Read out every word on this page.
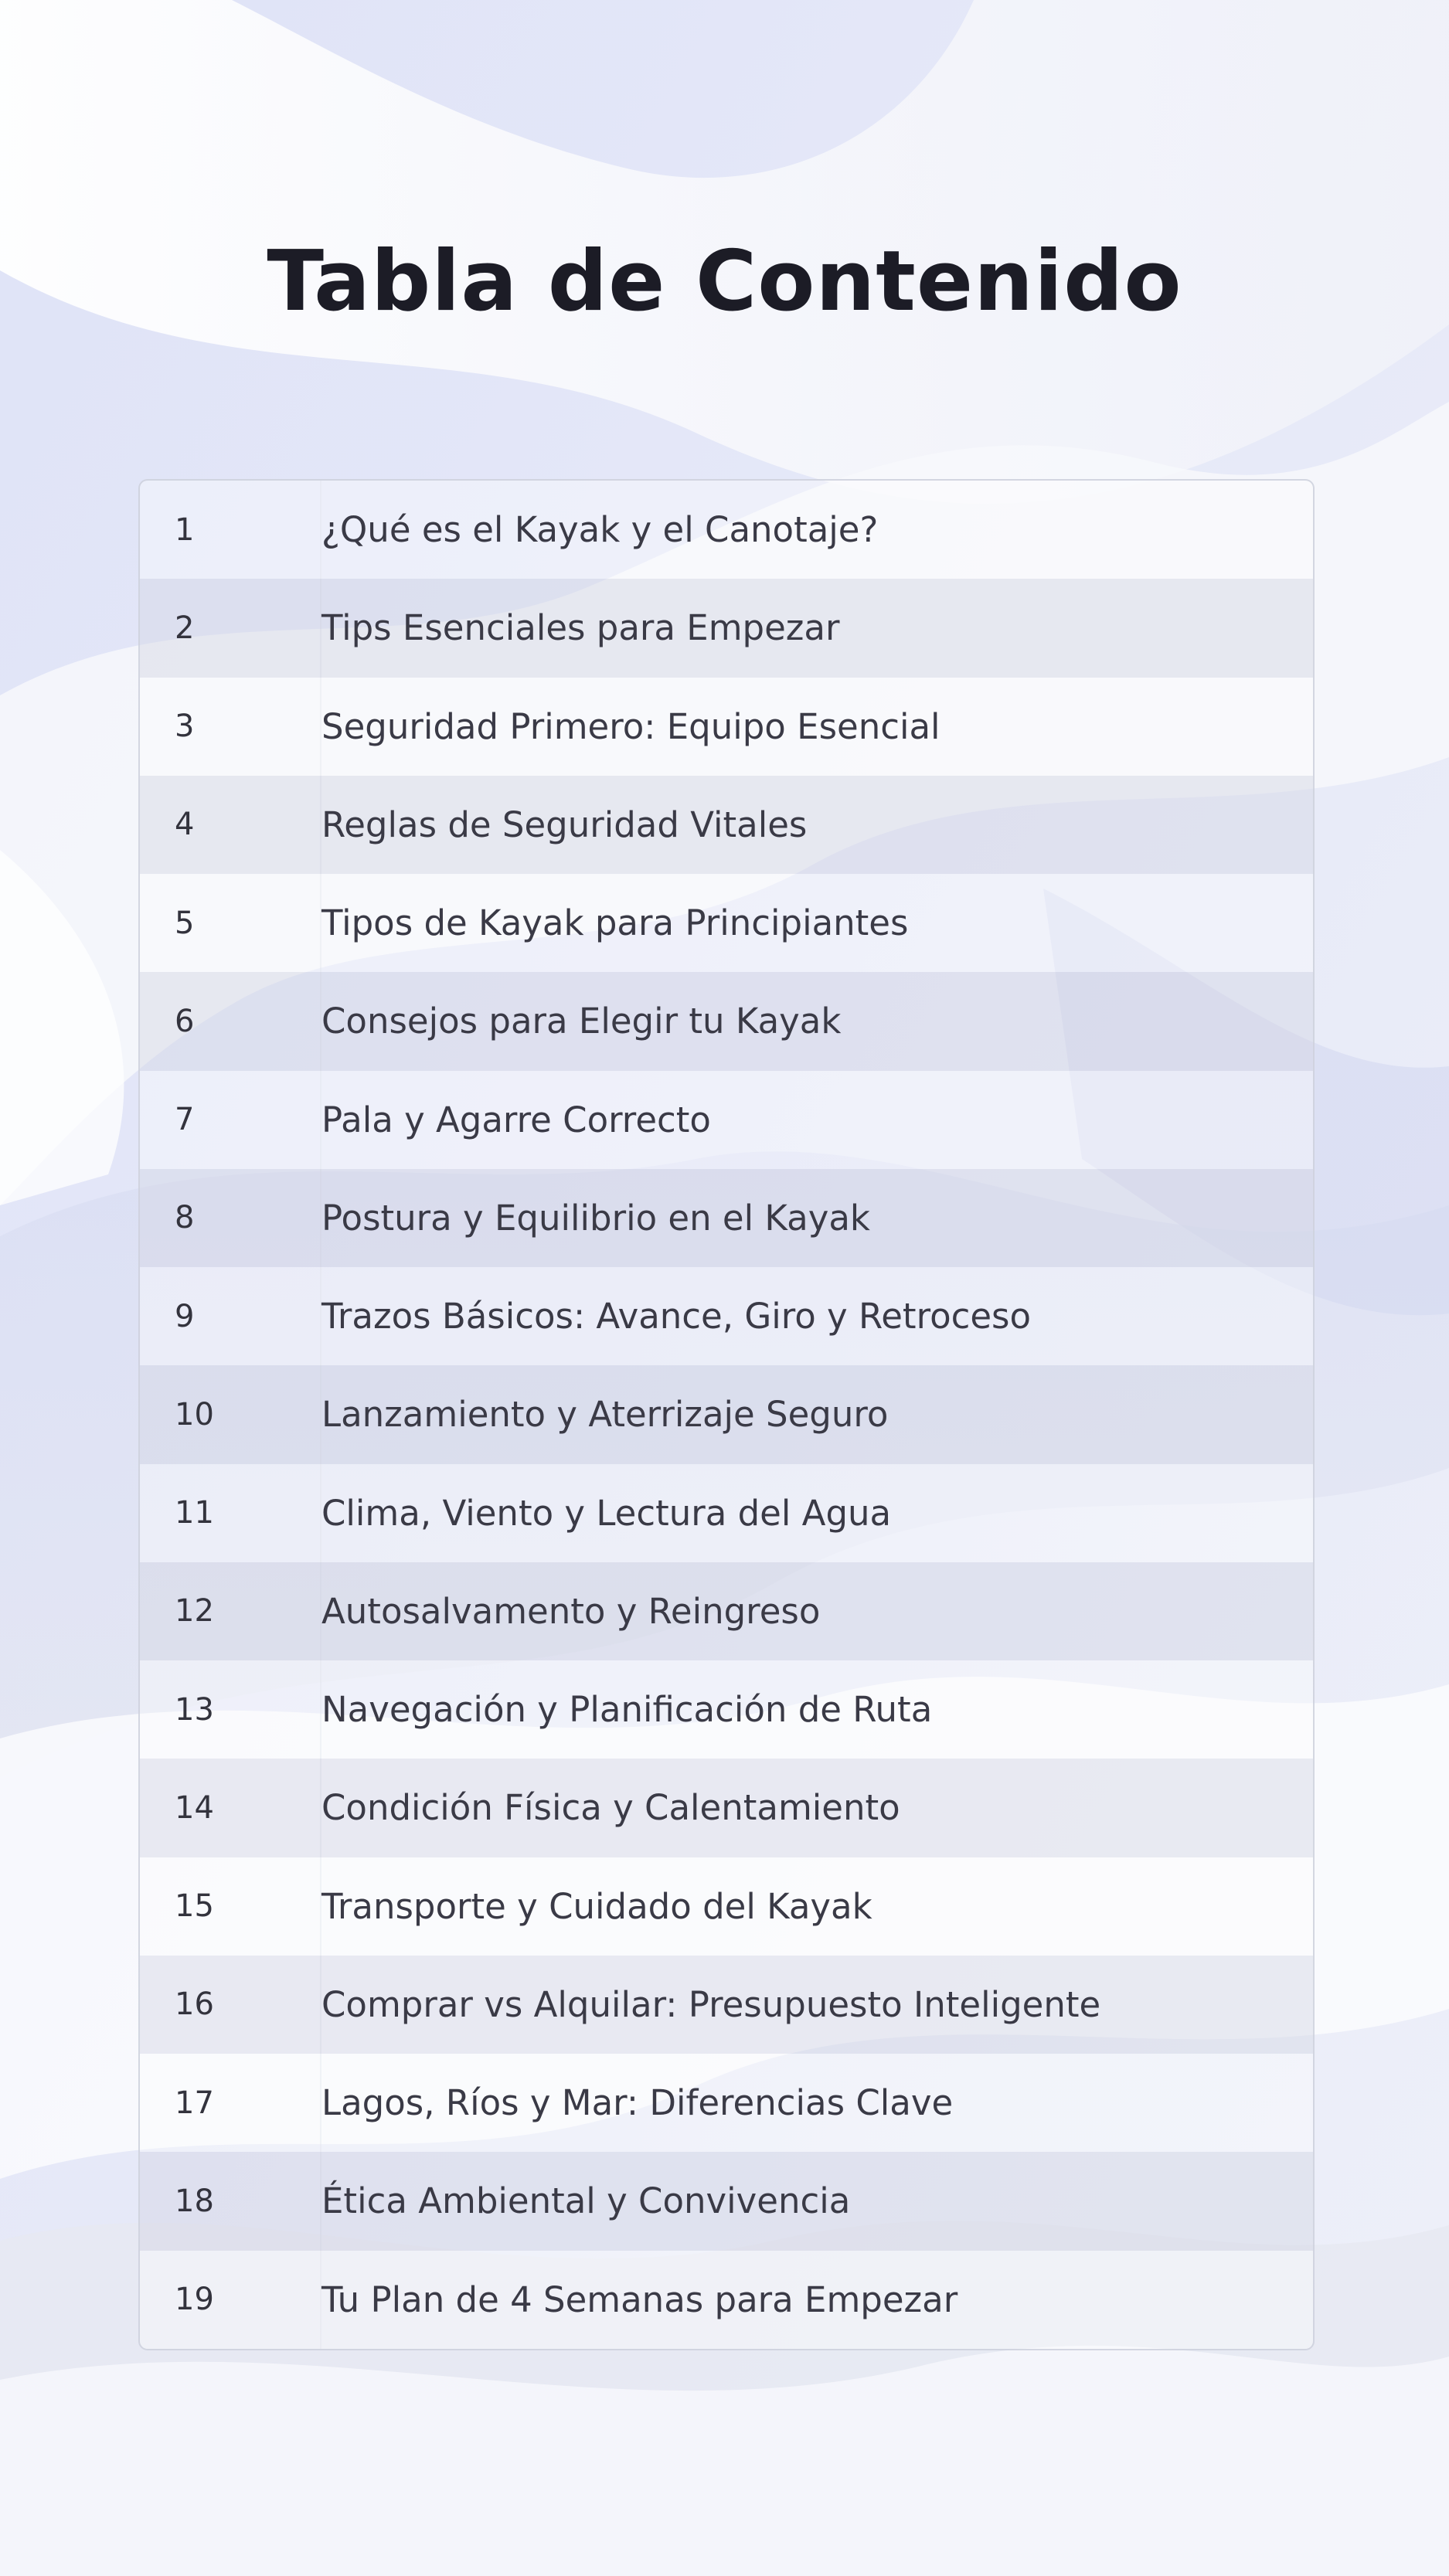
Tabla de Contenido
1	¿Qué es el Kayak y el Canotaje?
2	Tips Esenciales para Empezar
3	Seguridad Primero: Equipo Esencial
4	Reglas de Seguridad Vitales
5	Tipos de Kayak para Principiantes
6	Consejos para Elegir tu Kayak
7	Pala y Agarre Correcto
8	Postura y Equilibrio en el Kayak
9	Trazos Básicos: Avance, Giro y Retroceso
10	Lanzamiento y Aterrizaje Seguro
11	Clima, Viento y Lectura del Agua
12	Autosalvamento y Reingreso
13	Navegación y Planificación de Ruta
14	Condición Física y Calentamiento
15	Transporte y Cuidado del Kayak
16	Comprar vs Alquilar: Presupuesto Inteligente
17	Lagos, Ríos y Mar: Diferencias Clave
18	Ética Ambiental y Convivencia
19	Tu Plan de 4 Semanas para Empezar
